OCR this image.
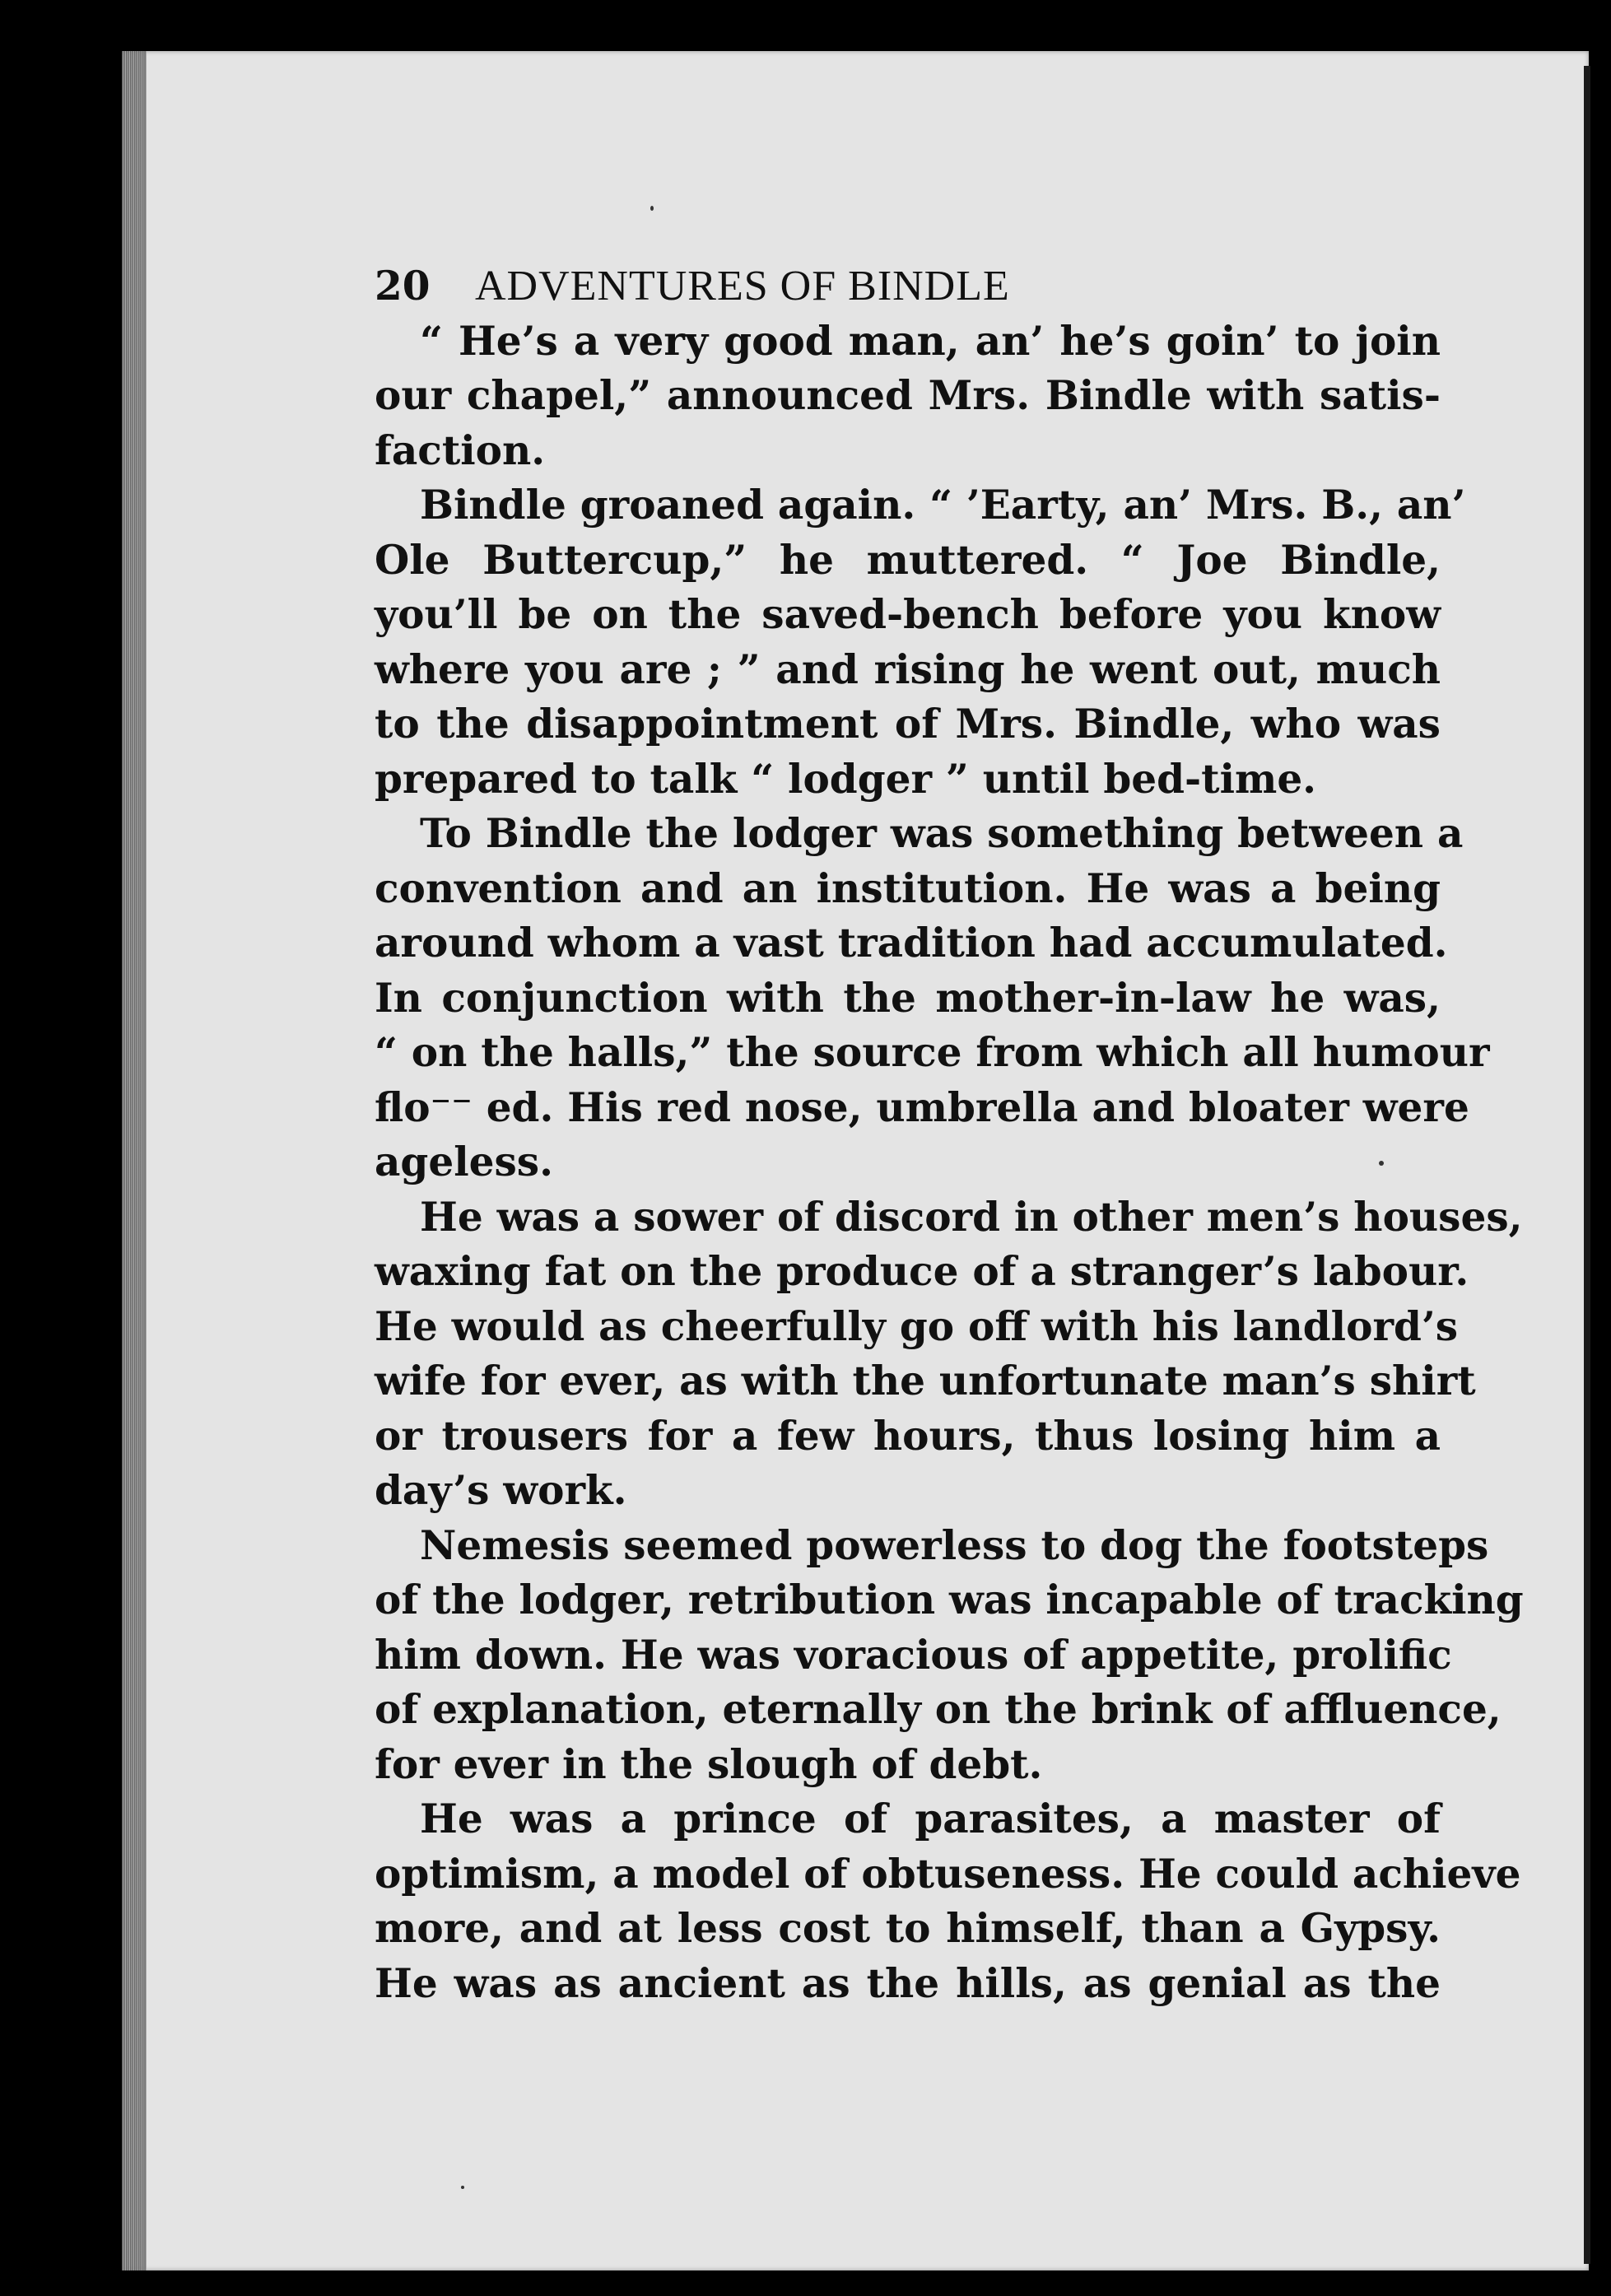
20	ADVENTURES OF BINDLE
“ He’s a very good man, an’ he’s goin’ to join
our chapel,” announced Mrs. Bindle with satis-
faction.
Bindle groaned again. “ ’Earty, an’ Mrs. B., an’
Ole Buttercup,” he muttered. “ Joe Bindle,
you’ll be on the saved-bench before you know
where you are ; ” and rising he went out, much
to the disappointment of Mrs. Bindle, who was
prepared to talk “ lodger ” until bed-time.
To Bindle the lodger was something between a
convention and an institution. He was a being
around whom a vast tradition had accumulated.
In conjunction with the mother-in-law he was,
“ on the halls,” the source from which all humour
flo⁻⁻ ed. His red nose, umbrella and bloater were
ageless.
He was a sower of discord in other men’s houses,
waxing fat on the produce of a stranger’s labour.
He would as cheerfully go off with his landlord’s
wife for ever, as with the unfortunate man’s shirt
or trousers for a few hours, thus losing him a
day’s work.
Nemesis seemed powerless to dog the footsteps
of the lodger, retribution was incapable of tracking
him down. He was voracious of appetite, prolific
of explanation, eternally on the brink of affluence,
for ever in the slough of debt.
He was a prince of parasites, a master of
optimism, a model of obtuseness. He could achieve
more, and at less cost to himself, than a Gypsy.
He was as ancient as the hills, as genial as the
